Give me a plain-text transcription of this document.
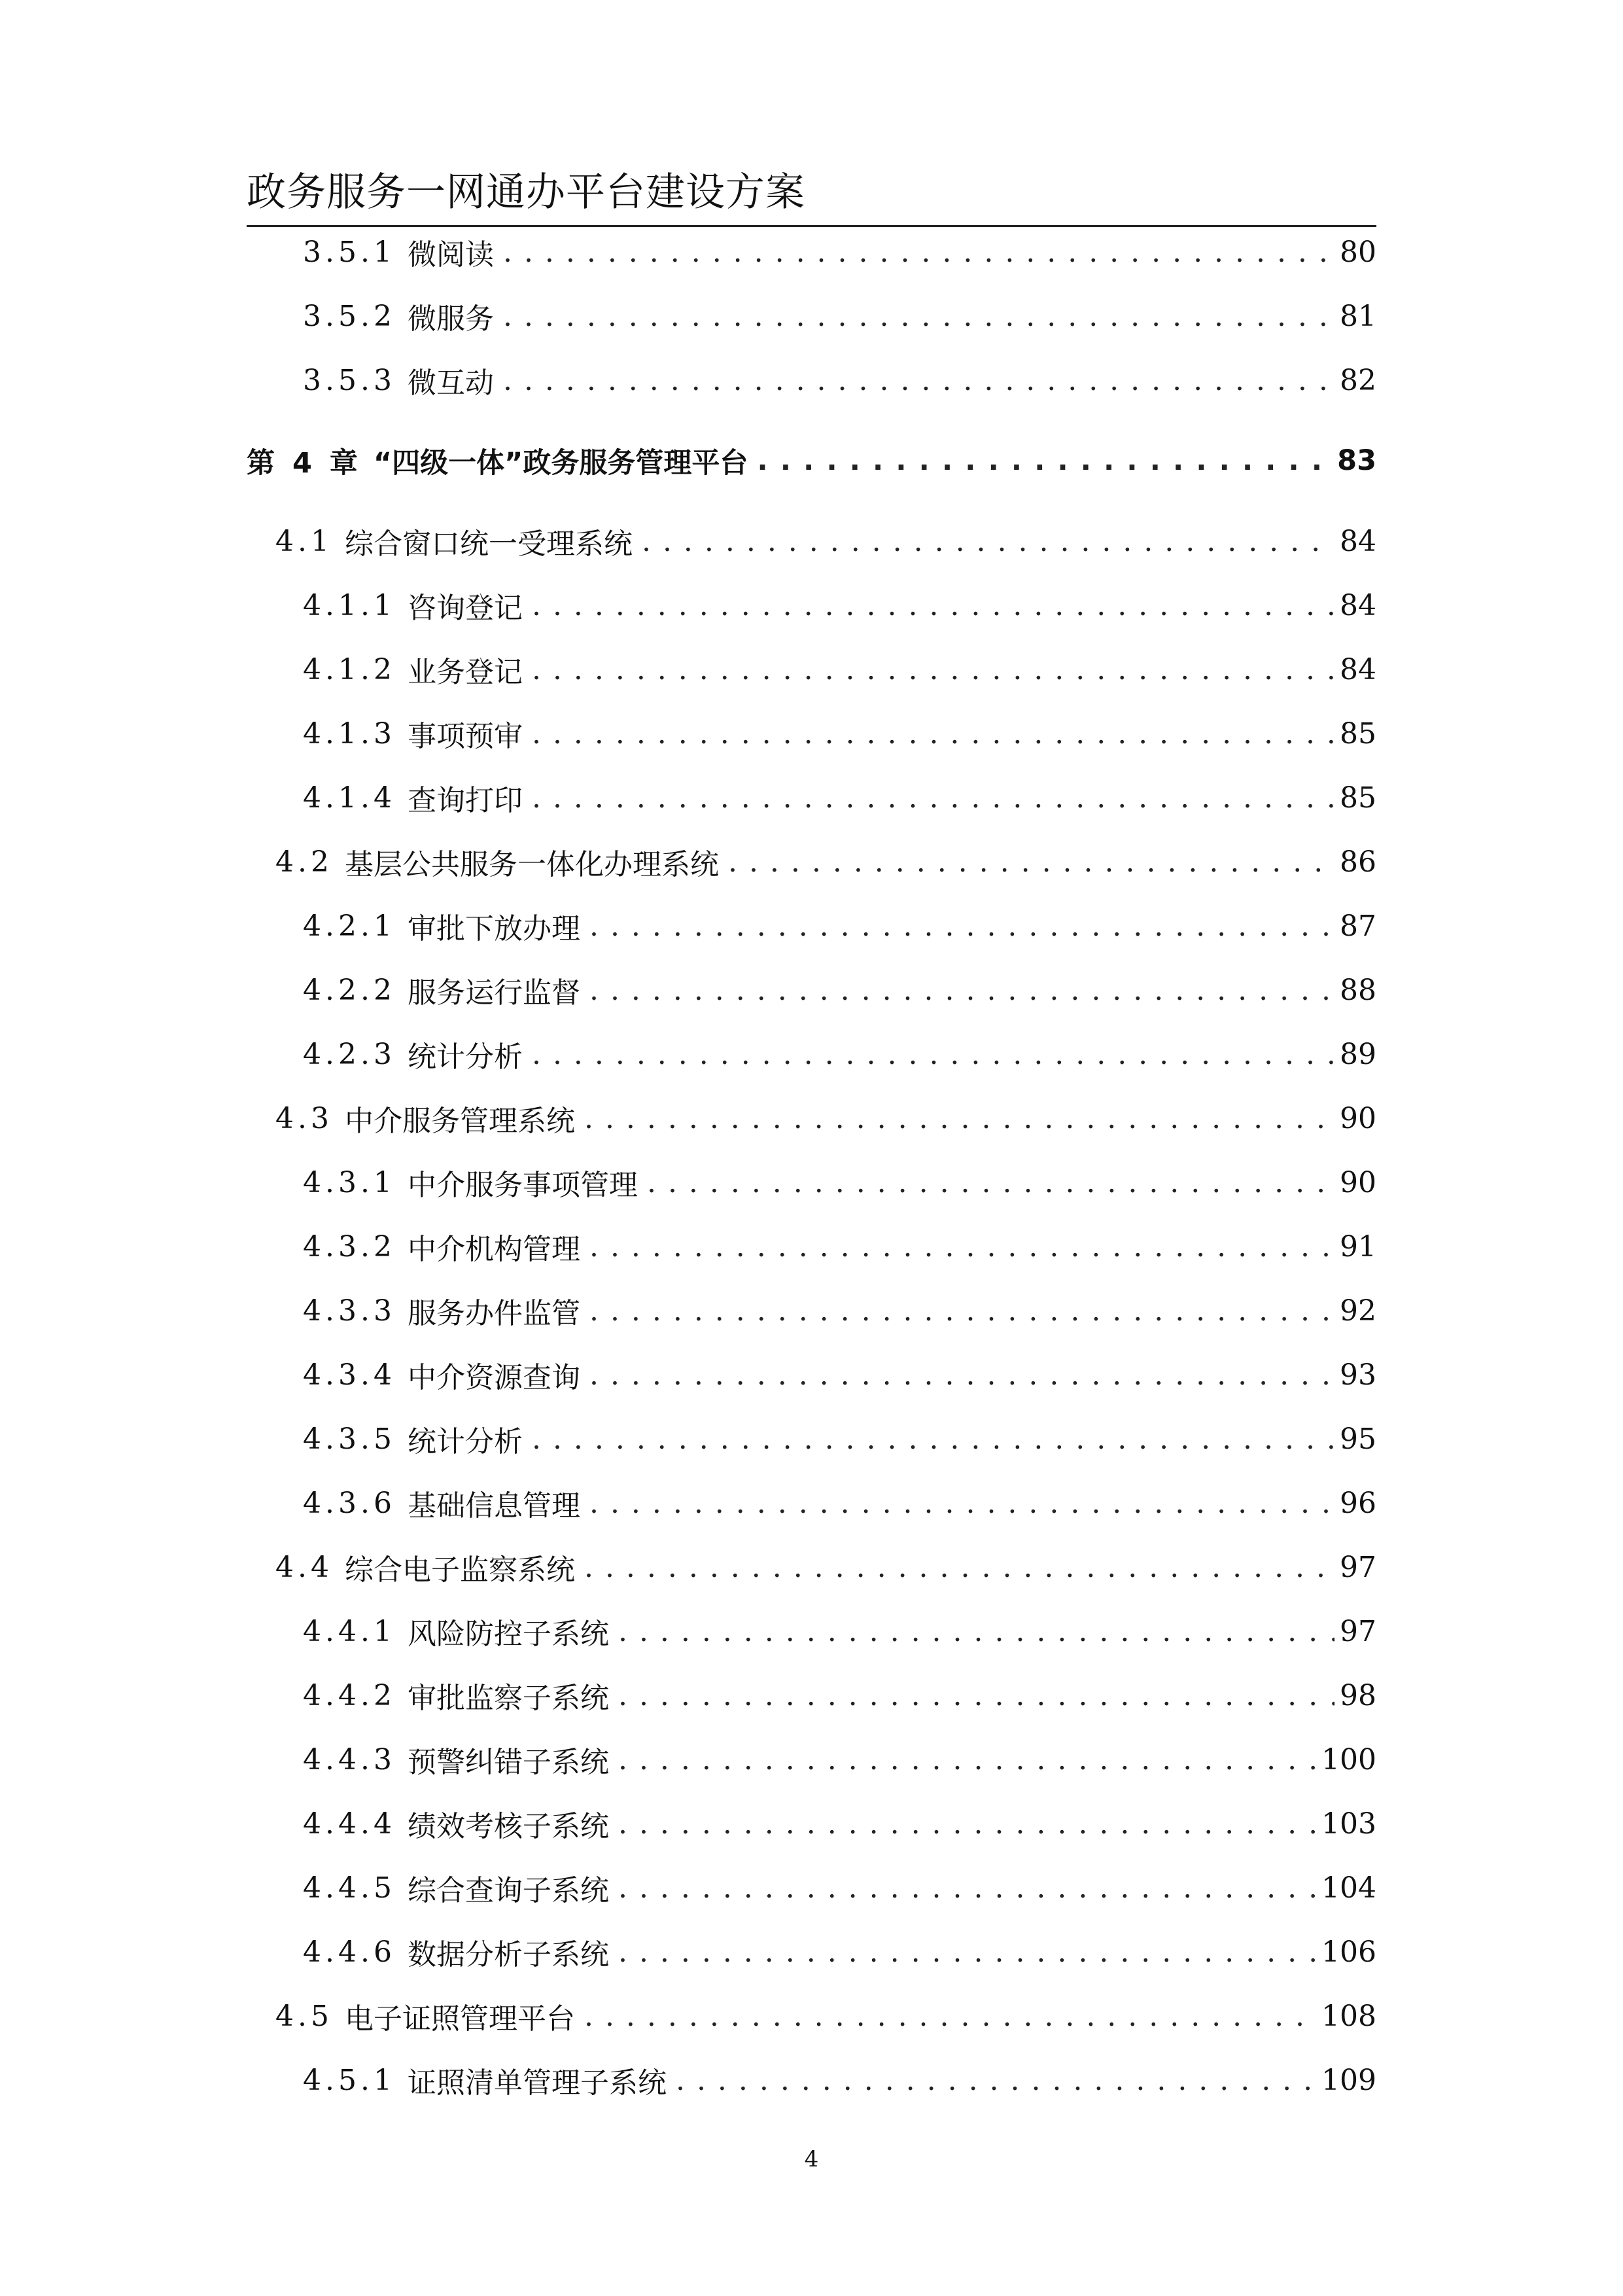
政务服务一网通办平台建设方案
3.5.1 微阅读 . . .	80
3.5.2 微服务 . . .	81
3.5.3 微互动 . . .	82
第 4 章 “四级一体”政务服务管理平台 . . .	83
4.1 综合窗口统一受理系统 . . .	84
4.1.1 咨询登记 . . .	84
4.1.2 业务登记 . . .	84
4.1.3 事项预审 . . .	85
4.1.4 查询打印 . . .	85
4.2 基层公共服务一体化办理系统 . . .	86
4.2.1 审批下放办理 . . .	87
4.2.2 服务运行监督 . . .	88
4.2.3 统计分析 . . .	89
4.3 中介服务管理系统 . . .	90
4.3.1 中介服务事项管理 . . .	90
4.3.2 中介机构管理 . . .	91
4.3.3 服务办件监管 . . .	92
4.3.4 中介资源查询 . . .	93
4.3.5 统计分析 . . .	95
4.3.6 基础信息管理 . . .	96
4.4 综合电子监察系统 . . .	97
4.4.1 风险防控子系统 . . .	97
4.4.2 审批监察子系统 . . .	98
4.4.3 预警纠错子系统 . . .	100
4.4.4 绩效考核子系统 . . .	103
4.4.5 综合查询子系统 . . .	104
4.4.6 数据分析子系统 . . .	106
4.5 电子证照管理平台 . . .	108
4.5.1 证照清单管理子系统 . . .	109
4
